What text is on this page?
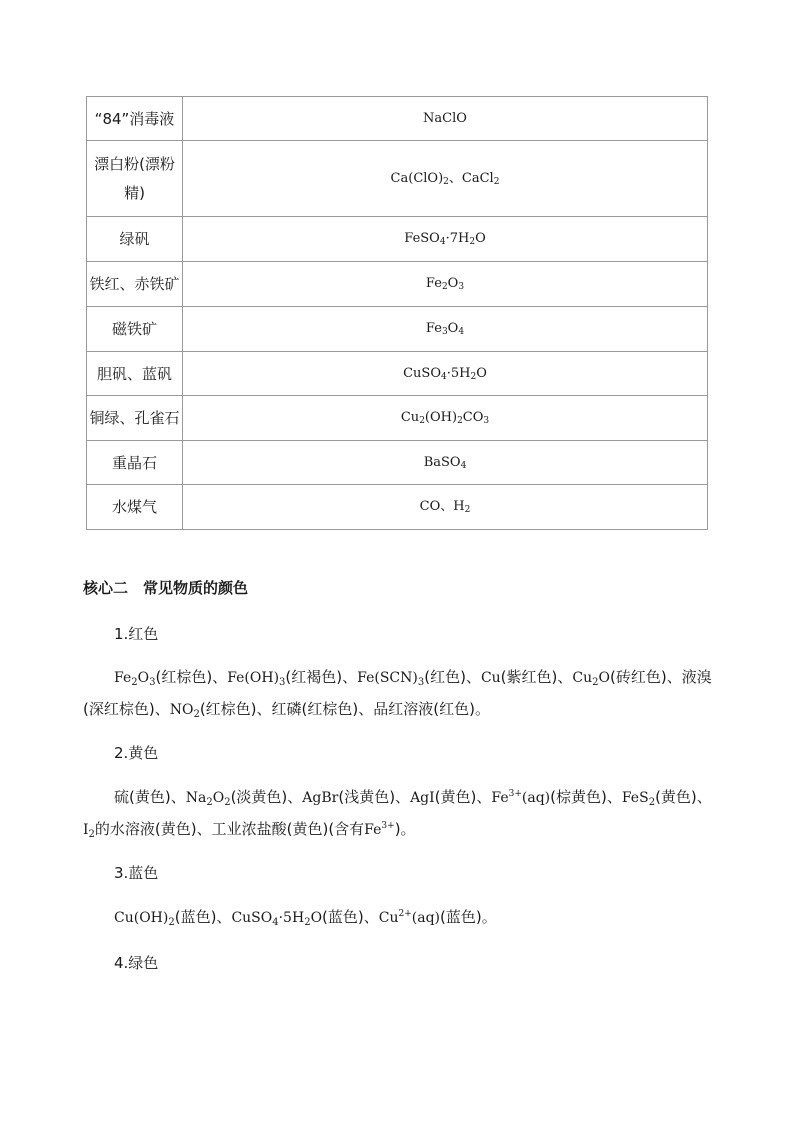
“84”消毒液	NaClO
漂白粉(漂粉精)	$Ca(ClO)_2$、CaCl$_2$
绿矾	$FeSO_4\cdot 7H_2O$
铁红、赤铁矿	$Fe_2O_3$
磁铁矿	$Fe_3O_4$
胆矾、蓝矾	$CuSO_4\cdot 5H_2O$
铜绿、孔雀石	$Cu_2(OH)_2CO_3$
重晶石	BaSO$_4$
水煤气	CO、$H_2$
核心二　常见物质的颜色
1.红色
$Fe_2O_3$(红棕色)、$Fe(OH)_3$(红褐色)、$Fe(SCN)_3$(红色)、Cu(紫红色)、$Cu_2O$(砖红色)、液溴(深红棕色)、$NO_2$(红棕色)、红磷(红棕色)、品红溶液(红色)。
2.黄色
硫(黄色)、$Na_2O_2$(淡黄色)、AgBr(浅黄色)、AgI(黄色)、$Fe^{3+}(aq)$(棕黄色)、FeS$_2$(黄色)、$I_2$的水溶液(黄色)、工业浓盐酸(黄色)(含有$Fe^{3+}$)。
3.蓝色
$Cu(OH)_2$(蓝色)、$CuSO_4\cdot 5H_2O$(蓝色)、$Cu^{2+}(aq)$(蓝色)。
4.绿色
